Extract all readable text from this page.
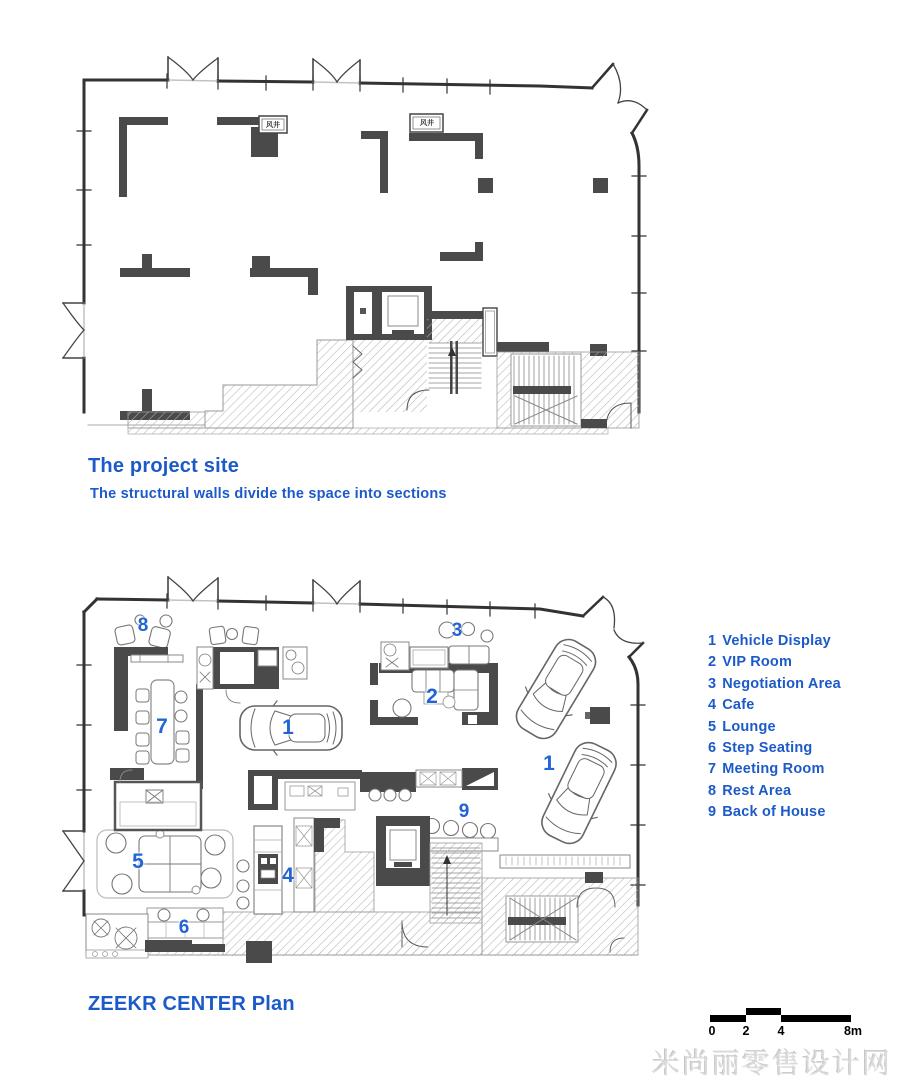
The project site
The structural walls divide the space into sections
ZEEKR CENTER Plan
风井	风井
8	3
7	1
2
1
9
5
4
6
1 Vehicle Display
2 VIP Room
3 Negotiation Area
4 Cafe
5 Lounge
6 Step Seating
7 Meeting Room
8 Rest Area
9 Back of House
0 2 4	8m
米尚丽零售设计网
